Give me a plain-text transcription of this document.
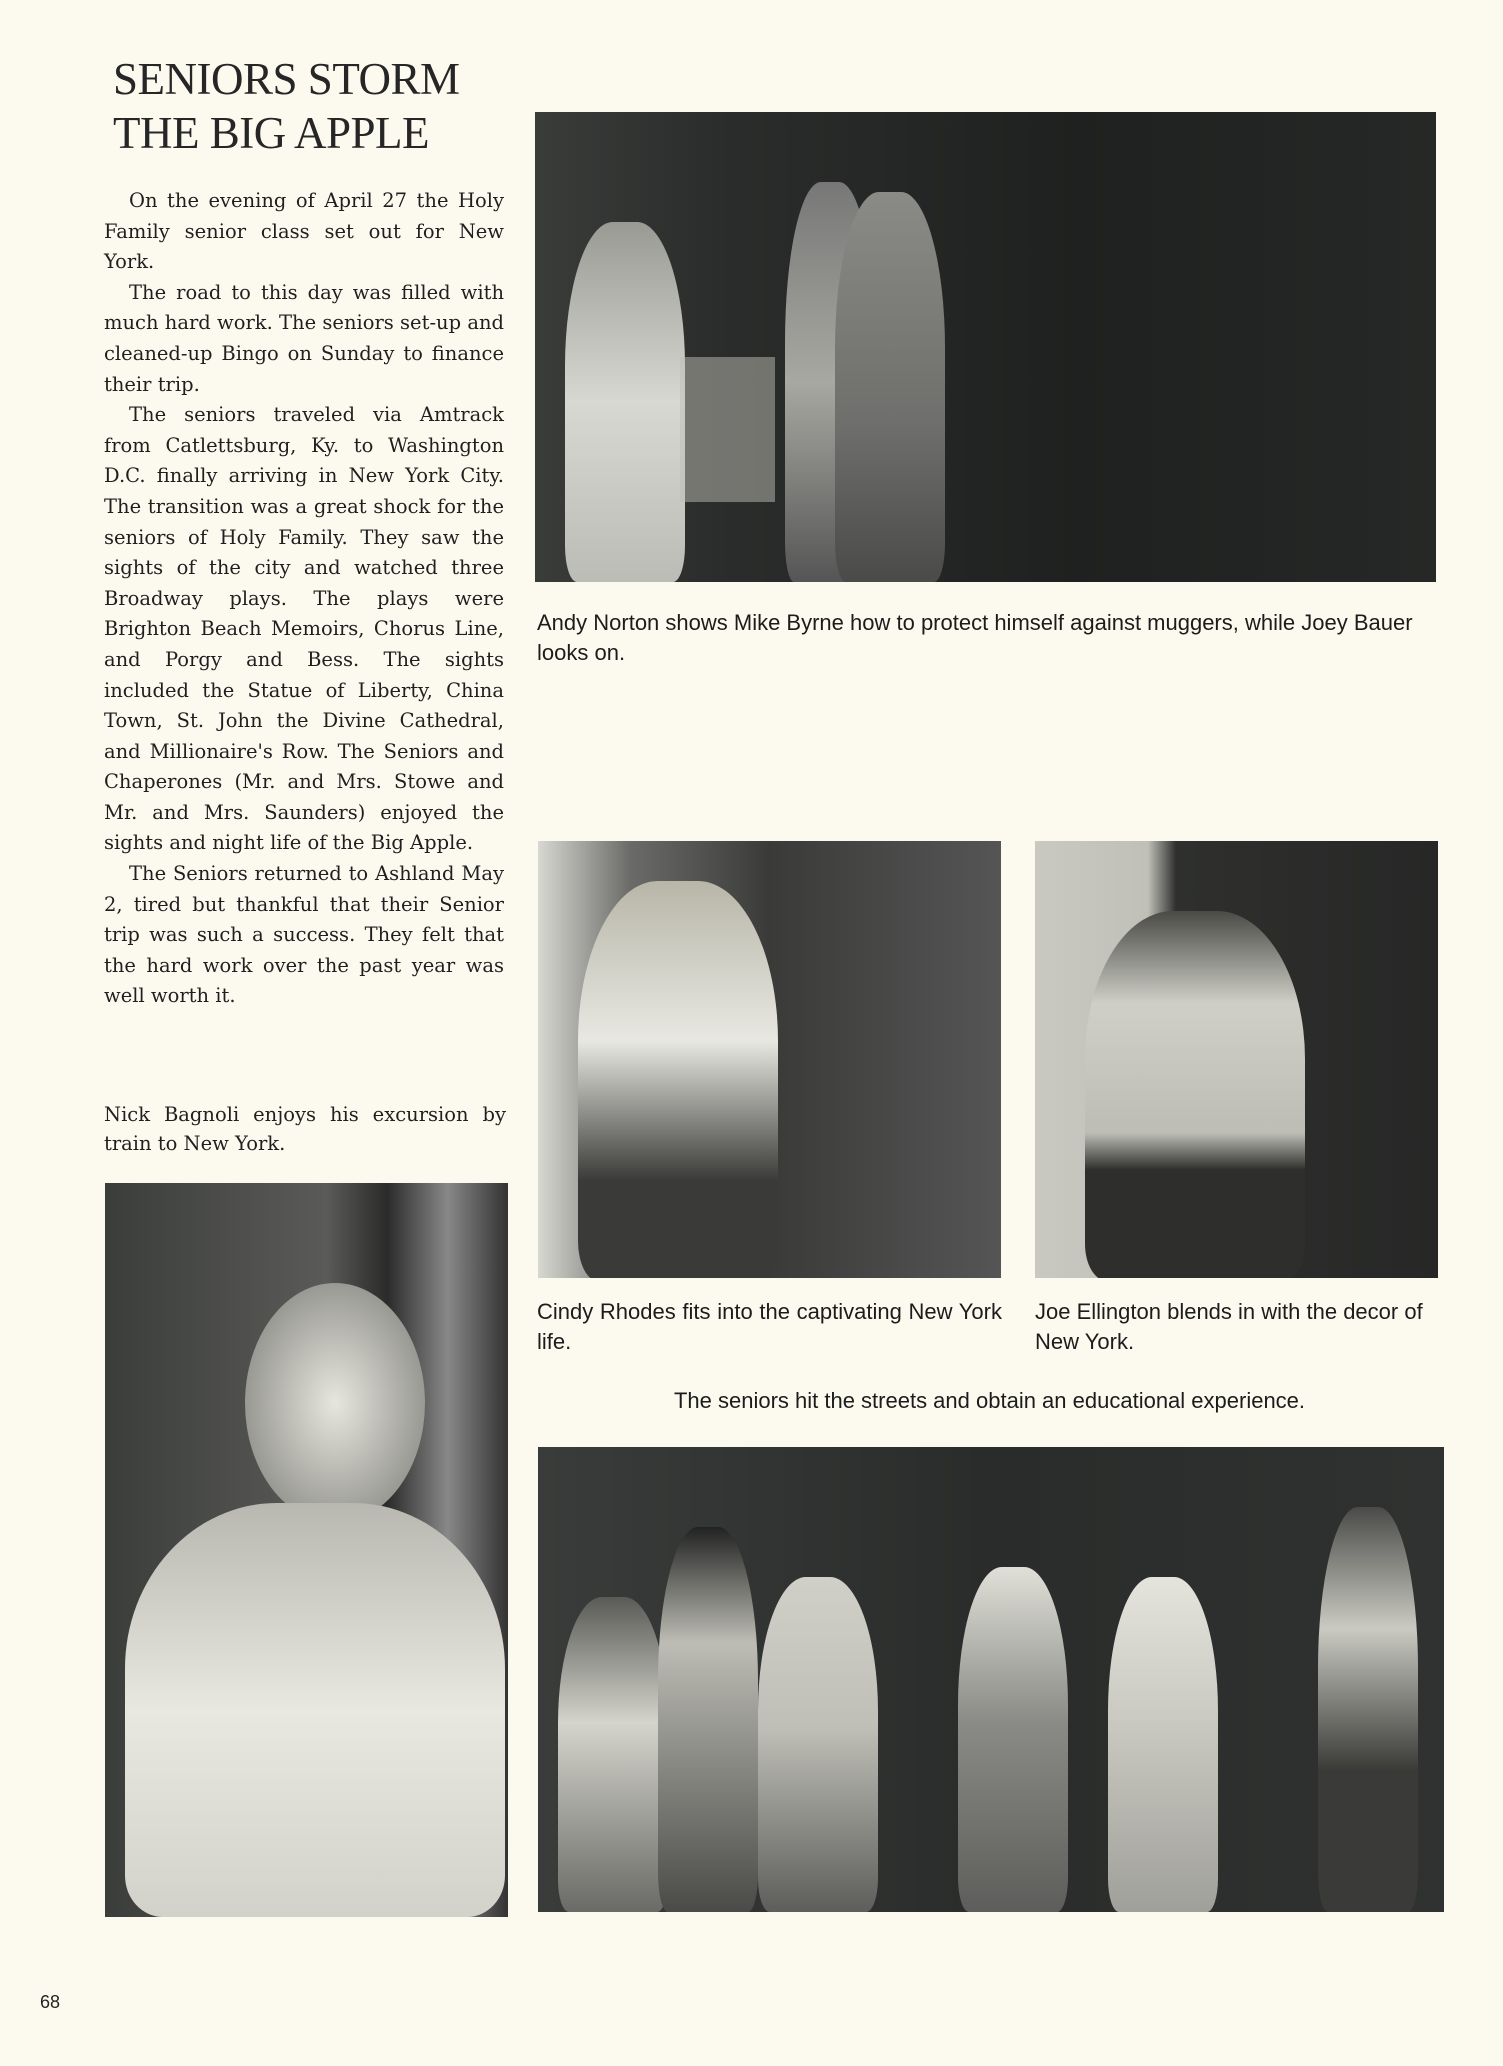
SENIORS STORM
THE BIG APPLE

On the evening of April 27 the Holy Family senior class set out for New York.

The road to this day was filled with much hard work. The seniors set-up and cleaned-up Bingo on Sunday to finance their trip.

The seniors traveled via Amtrack from Catlettsburg, Ky. to Washington D.C. finally arriving in New York City. The transition was a great shock for the seniors of Holy Family. They saw the sights of the city and watched three Broadway plays. The plays were Brighton Beach Memoirs, Chorus Line, and Porgy and Bess. The sights included the Statue of Liberty, China Town, St. John the Divine Cathedral, and Millionaire's Row. The Seniors and Chaperones (Mr. and Mrs. Stowe and Mr. and Mrs. Saunders) enjoyed the sights and night life of the Big Apple.

The Seniors returned to Ashland May 2, tired but thankful that their Senior trip was such a success. They felt that the hard work over the past year was well worth it.

Nick Bagnoli enjoys his excursion by train to New York.
Andy Norton shows Mike Byrne how to protect himself against muggers, while Joey Bauer looks on.
Cindy Rhodes fits into the captivating New York life.
Joe Ellington blends in with the decor of New York.
The seniors hit the streets and obtain an educational experience.
68
